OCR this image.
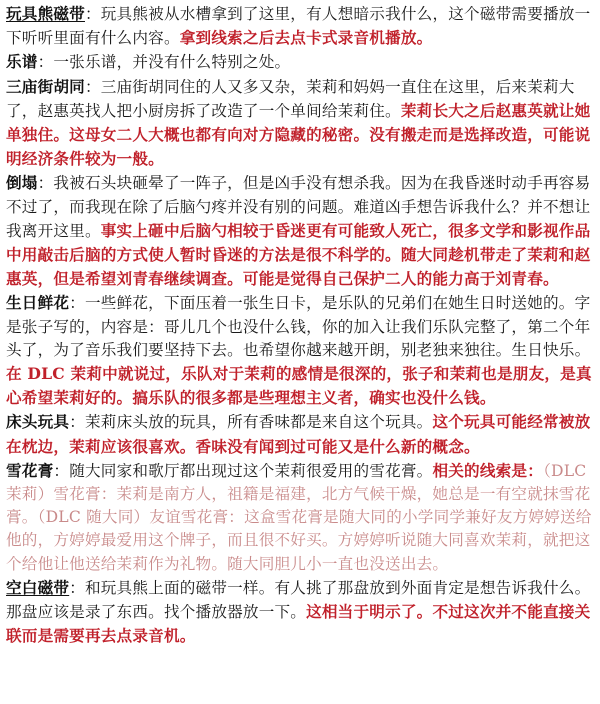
玩具熊磁带：玩具熊被从水槽拿到了这里，有人想暗示我什么，这个磁带需要播放一下听听里面有什么内容。拿到线索之后去点卡式录音机播放。

乐谱：一张乐谱，并没有什么特别之处。

三庙街胡同：三庙街胡同住的人又多又杂，茉莉和妈妈一直住在这里，后来茉莉大了，赵惠英找人把小厨房拆了改造了一个单间给茉莉住。茉莉长大之后赵惠英就让她单独住。这母女二人大概也都有向对方隐藏的秘密。没有搬走而是选择改造，可能说明经济条件较为一般。

倒塌：我被石头块砸晕了一阵子，但是凶手没有想杀我。因为在我昏迷时动手再容易不过了，而我现在除了后脑勺疼并没有别的问题。难道凶手想告诉我什么？并不想让我离开这里。事实上砸中后脑勺相较于昏迷更有可能致人死亡，很多文学和影视作品中用敲击后脑的方式使人暂时昏迷的方法是很不科学的。随大同趁机带走了茉莉和赵惠英，但是希望刘青春继续调查。可能是觉得自己保护二人的能力高于刘青春。

生日鲜花：一些鲜花，下面压着一张生日卡，是乐队的兄弟们在她生日时送她的。字是张子写的，内容是：哥儿几个也没什么钱，你的加入让我们乐队完整了，第二个年头了，为了音乐我们要坚持下去。也希望你越来越开朗，别老独来独往。生日快乐。在 DLC 茉莉中就说过，乐队对于茉莉的感情是很深的，张子和茉莉也是朋友，是真心希望茉莉好的。搞乐队的很多都是些理想主义者，确实也没什么钱。

床头玩具：茉莉床头放的玩具，所有香味都是来自这个玩具。这个玩具可能经常被放在枕边，茉莉应该很喜欢。香味没有闻到过可能又是什么新的概念。

雪花膏：随大同家和歌厅都出现过这个茉莉很爱用的雪花膏。相关的线索是：（DLC 茉莉）雪花膏：茉莉是南方人，祖籍是福建，北方气候干燥，她总是一有空就抹雪花膏。（DLC 随大同）友谊雪花膏：这盒雪花膏是随大同的小学同学兼好友方婷婷送给他的，方婷婷最爱用这个牌子，而且很不好买。方婷婷听说随大同喜欢茉莉，就把这个给他让他送给茉莉作为礼物。随大同胆儿小一直也没送出去。

空白磁带：和玩具熊上面的磁带一样。有人挑了那盘放到外面肯定是想告诉我什么。那盘应该是录了东西。找个播放器放一下。这相当于明示了。不过这次并不能直接关联而是需要再去点录音机。
